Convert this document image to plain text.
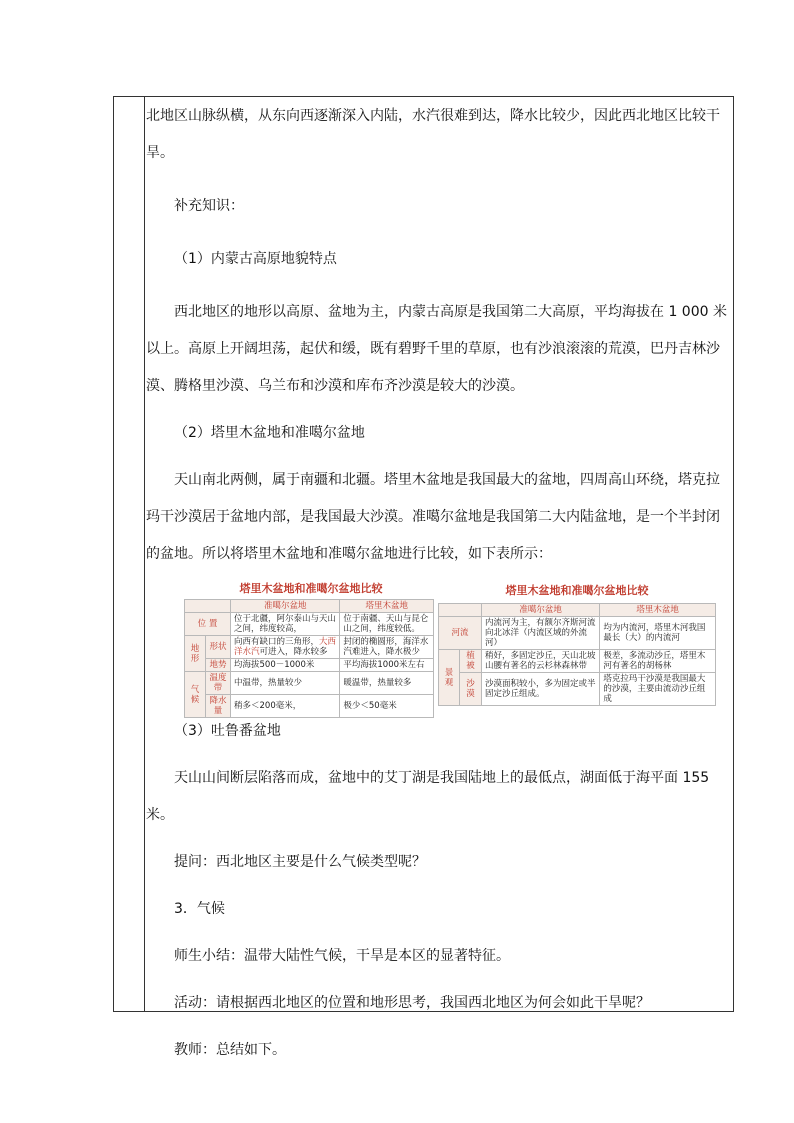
北地区山脉纵横，从东向西逐渐深入内陆，水汽很难到达，降水比较少，因此西北地区比较干

旱。

补充知识：

（1）内蒙古高原地貌特点

西北地区的地形以高原、盆地为主，内蒙古高原是我国第二大高原，平均海拔在 1 000 米以上。高原上开阔坦荡，起伏和缓，既有碧野千里的草原，也有沙浪滚滚的荒漠，巴丹吉林沙漠、腾格里沙漠、乌兰布和沙漠和库布齐沙漠是较大的沙漠。

（2）塔里木盆地和准噶尔盆地

天山南北两侧，属于南疆和北疆。塔里木盆地是我国最大的盆地，四周高山环绕，塔克拉玛干沙漠居于盆地内部，是我国最大沙漠。准噶尔盆地是我国第二大内陆盆地，是一个半封闭的盆地。所以将塔里木盆地和准噶尔盆地进行比较，如下表所示：

塔里木盆地和准噶尔盆地比较
		准噶尔盆地	塔里木盆地
位 置		位于北疆，阿尔泰山与天山之间，纬度较高，	位于南疆、天山与昆仑山之间，纬度较低。
地形	形状	向西有缺口的三角形，大西洋水汽可进入，降水较多	封闭的椭圆形，海洋水汽难进入，降水极少
	地势	均海拔500－1000米	平均海拔1000米左右
气候	温度带	中温带，热量较少	暖温带，热量较多
	降水量	稍多＜200毫米，	极少＜50毫米
塔里木盆地和准噶尔盆地比较
		准噶尔盆地	塔里木盆地
河流		内流河为主，有额尔齐斯河流向北冰洋（内流区域的外流河）	均为内流河，塔里木河我国最长（大）的内流河
景观	植被	稍好，多固定沙丘，天山北坡山腰有著名的云杉林森林带	极差，多流动沙丘，塔里木河有著名的胡杨林
	沙漠	沙漠面积较小，多为固定或半固定沙丘组成。	塔克拉玛干沙漠是我国最大的沙漠，主要由流动沙丘组成

（3）吐鲁番盆地

天山山间断层陷落而成，盆地中的艾丁湖是我国陆地上的最低点，湖面低于海平面 155 米。

提问：西北地区主要是什么气候类型呢？

3．气候

师生小结：温带大陆性气候，干旱是本区的显著特征。

活动：请根据西北地区的位置和地形思考，我国西北地区为何会如此干旱呢？

教师：总结如下。
